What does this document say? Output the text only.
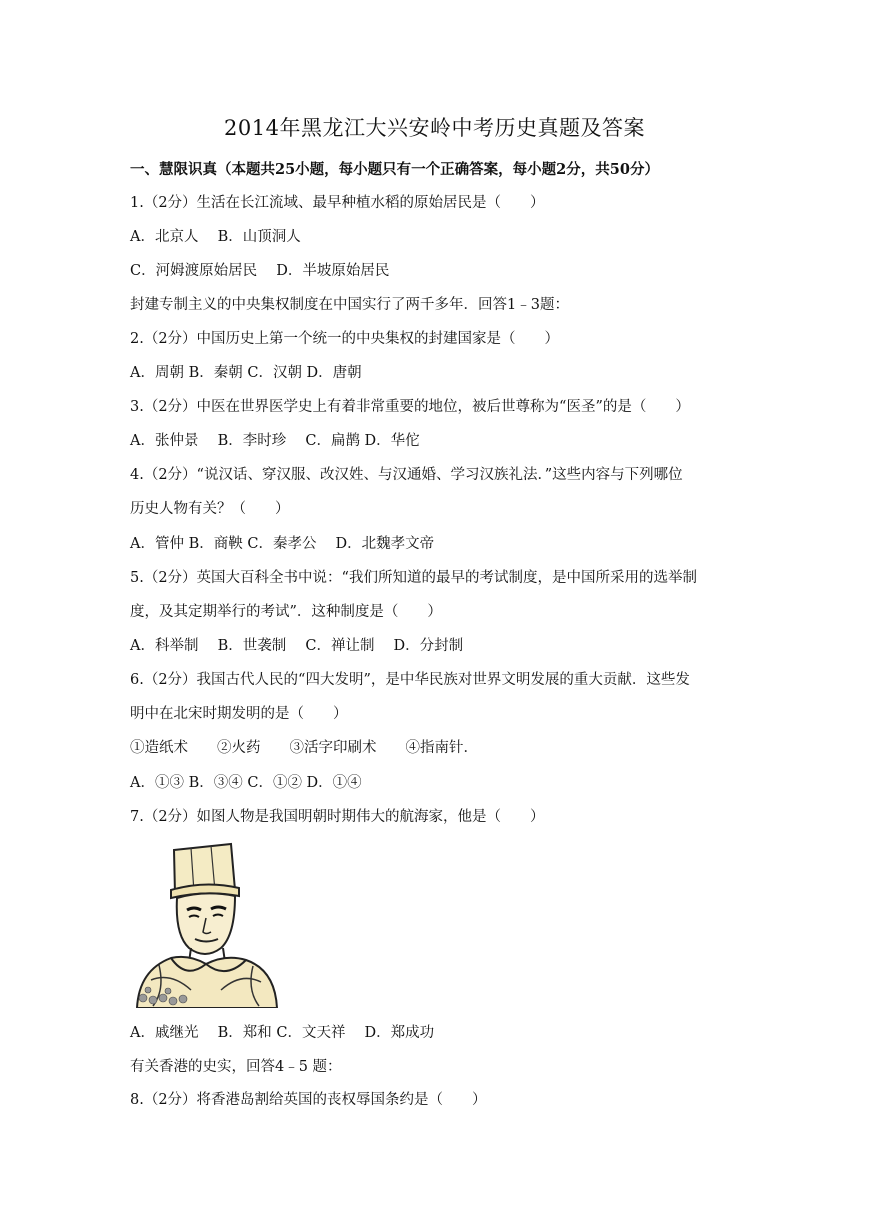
2014年黑龙江大兴安岭中考历史真题及答案
一、慧限识真（本题共25小题，每小题只有一个正确答案，每小题2分，共50分）
1.（2分）生活在长江流域、最早种植水稻的原始居民是（　　）
A．北京人　 B．山顶洞人
C．河姆渡原始居民　 D．半坡原始居民
封建专制主义的中央集权制度在中国实行了两千多年．回答1﹣3题：
2.（2分）中国历史上第一个统一的中央集权的封建国家是（　　）
A．周朝 B．秦朝 C．汉朝 D．唐朝
3.（2分）中医在世界医学史上有着非常重要的地位，被后世尊称为“医圣”的是（　　）
A．张仲景　 B．李时珍　 C．扁鹊 D．华佗
4.（2分）“说汉话、穿汉服、改汉姓、与汉通婚、学习汉族礼法．”这些内容与下列哪位
历史人物有关？（　　）
A．管仲 B．商鞅 C．秦孝公　 D．北魏孝文帝
5.（2分）英国大百科全书中说：“我们所知道的最早的考试制度，是中国所采用的选举制
度，及其定期举行的考试”．这种制度是（　　）
A．科举制　 B．世袭制　 C．禅让制　 D．分封制
6.（2分）我国古代人民的“四大发明”，是中华民族对世界文明发展的重大贡献．这些发
明中在北宋时期发明的是（　　）
①造纸术　　②火药　　③活字印刷术　　④指南针．
A．①③ B．③④ C．①② D．①④
7.（2分）如图人物是我国明朝时期伟大的航海家，他是（　　）
A．戚继光　 B．郑和 C．文天祥　 D．郑成功
有关香港的史实，回答4﹣5 题：
8.（2分）将香港岛割给英国的丧权辱国条约是（　　）
